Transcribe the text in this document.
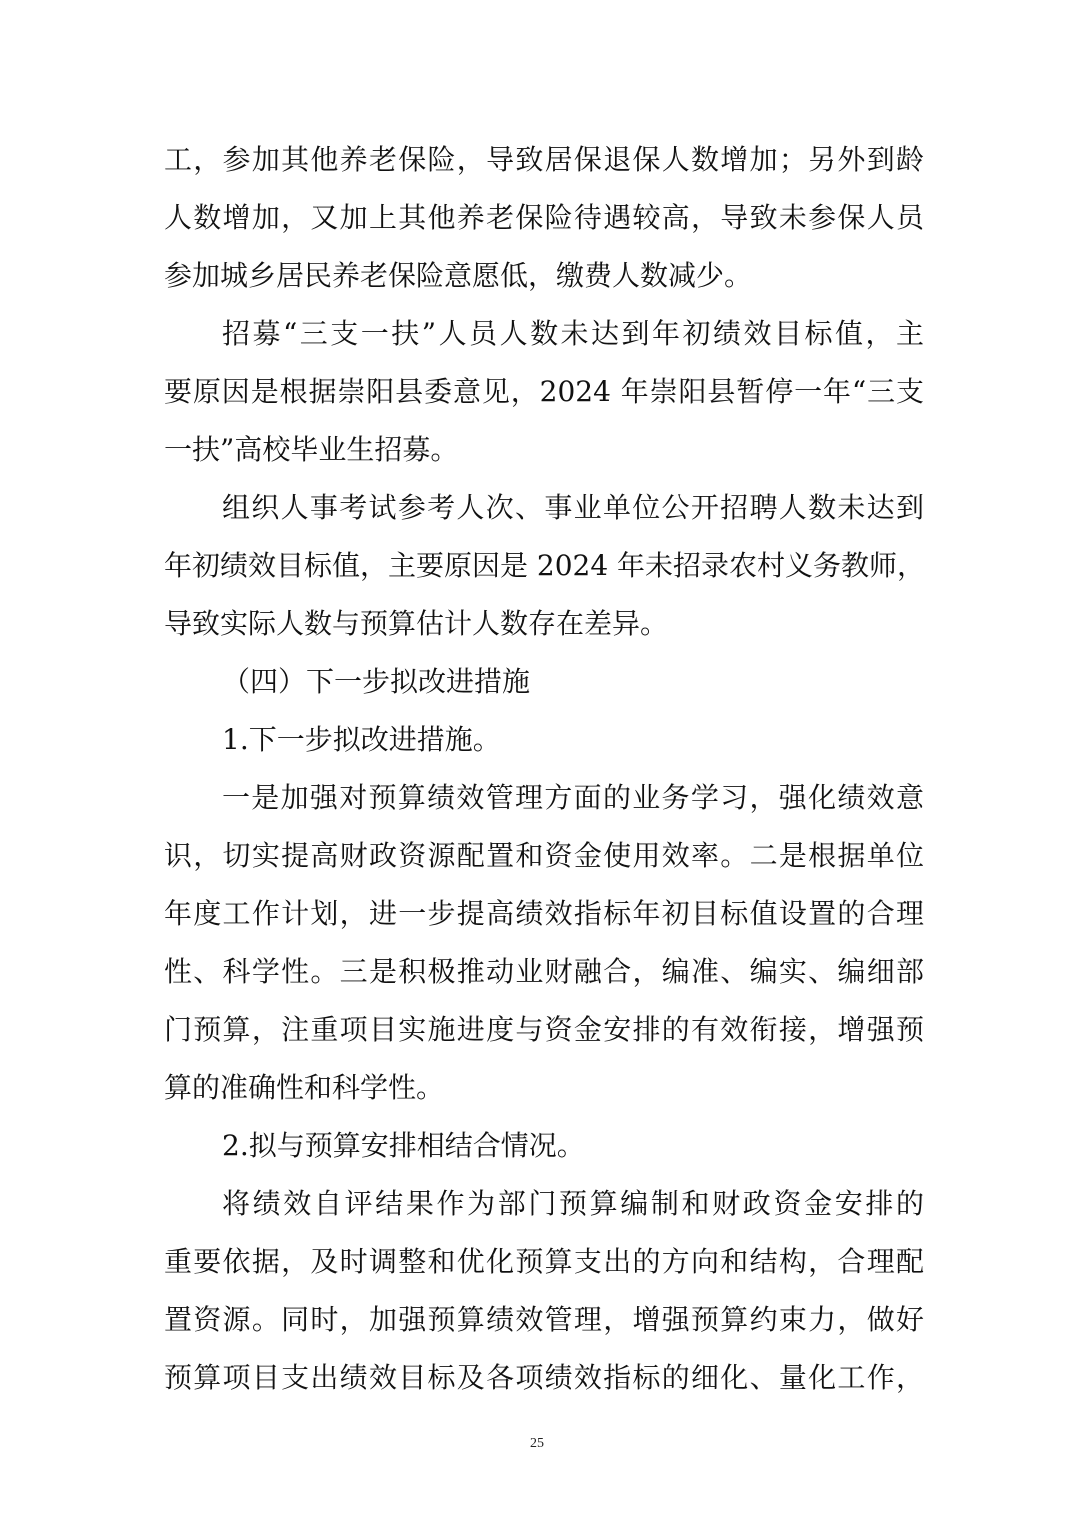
工，参加其他养老保险，导致居保退保人数增加；另外到龄
人数增加，又加上其他养老保险待遇较高，导致未参保人员
参加城乡居民养老保险意愿低，缴费人数减少。
招募“三支一扶”人员人数未达到年初绩效目标值，主
要原因是根据崇阳县委意见，2024 年崇阳县暂停一年“三支
一扶”高校毕业生招募。
组织人事考试参考人次、事业单位公开招聘人数未达到
年初绩效目标值，主要原因是 2024 年未招录农村义务教师，
导致实际人数与预算估计人数存在差异。
（四）下一步拟改进措施
1.下一步拟改进措施。
一是加强对预算绩效管理方面的业务学习，强化绩效意
识，切实提高财政资源配置和资金使用效率。二是根据单位
年度工作计划，进一步提高绩效指标年初目标值设置的合理
性、科学性。三是积极推动业财融合，编准、编实、编细部
门预算，注重项目实施进度与资金安排的有效衔接，增强预
算的准确性和科学性。
2.拟与预算安排相结合情况。
将绩效自评结果作为部门预算编制和财政资金安排的
重要依据，及时调整和优化预算支出的方向和结构，合理配
置资源。同时，加强预算绩效管理，增强预算约束力，做好
预算项目支出绩效目标及各项绩效指标的细化、量化工作，
25
